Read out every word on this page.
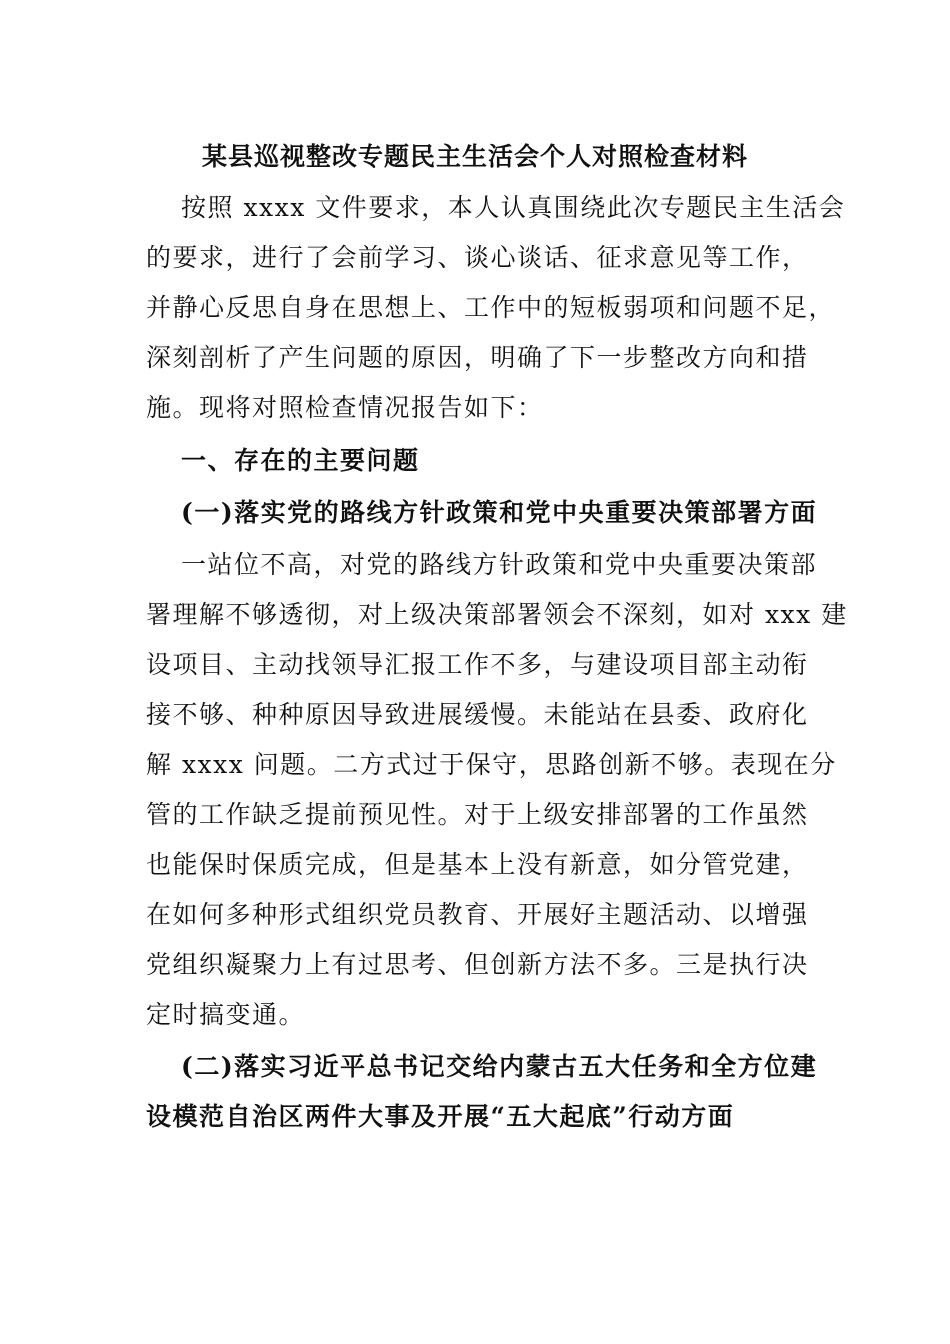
某县巡视整改专题民主生活会个人对照检查材料
按照 xxxx 文件要求，本人认真围绕此次专题民主生活会
的要求，进行了会前学习、谈心谈话、征求意见等工作，
并静心反思自身在思想上、工作中的短板弱项和问题不足，
深刻剖析了产生问题的原因，明确了下一步整改方向和措
施。现将对照检查情况报告如下：
一、存在的主要问题
(一)落实党的路线方针政策和党中央重要决策部署方面
一站位不高，对党的路线方针政策和党中央重要决策部
署理解不够透彻，对上级决策部署领会不深刻，如对 xxx 建
设项目、主动找领导汇报工作不多，与建设项目部主动衔
接不够、种种原因导致进展缓慢。未能站在县委、政府化
解 xxxx 问题。二方式过于保守，思路创新不够。表现在分
管的工作缺乏提前预见性。对于上级安排部署的工作虽然
也能保时保质完成，但是基本上没有新意，如分管党建，
在如何多种形式组织党员教育、开展好主题活动、以增强
党组织凝聚力上有过思考、但创新方法不多。三是执行决
定时搞变通。
(二)落实习近平总书记交给内蒙古五大任务和全方位建
设模范自治区两件大事及开展“五大起底”行动方面
